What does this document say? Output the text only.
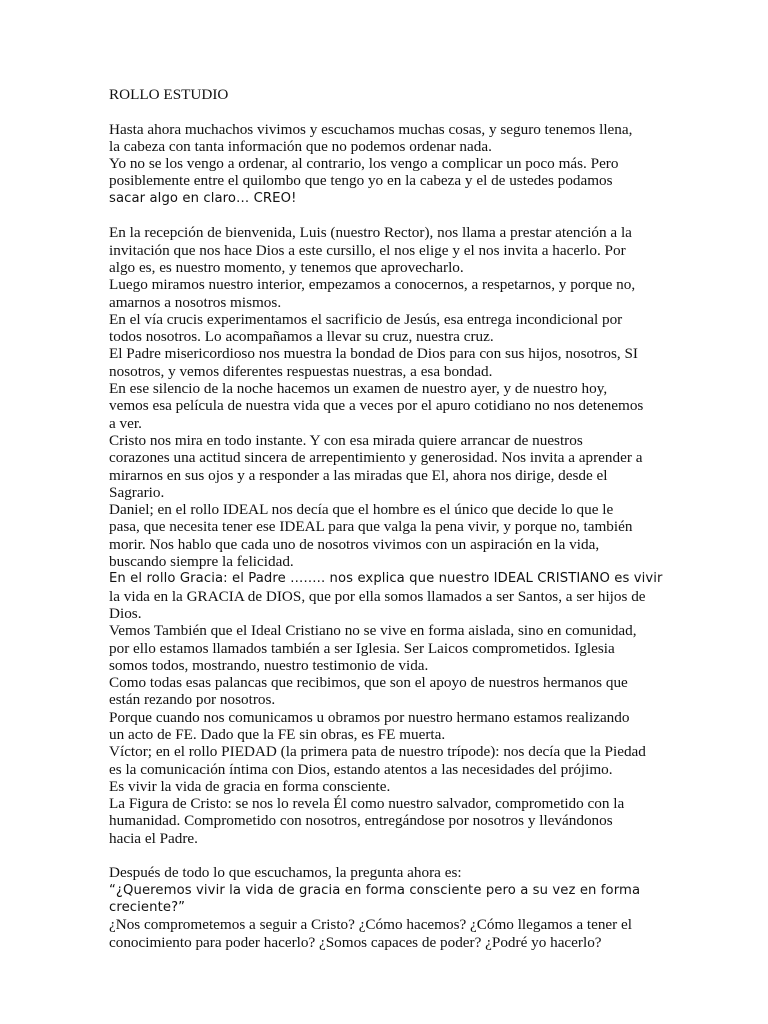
ROLLO ESTUDIO
Hasta ahora muchachos vivimos y escuchamos muchas cosas, y seguro tenemos llena,
la cabeza con tanta información que no podemos ordenar nada.
Yo no se los vengo a ordenar, al contrario, los vengo a complicar un poco más. Pero
posiblemente entre el quilombo que tengo yo en la cabeza y el de ustedes podamos
sacar algo en claro… CREO!
En la recepción de bienvenida, Luis (nuestro Rector), nos llama a prestar atención a la
invitación que nos hace Dios a este cursillo, el nos elige y el nos invita a hacerlo. Por
algo es, es nuestro momento, y tenemos que aprovecharlo.
Luego miramos nuestro interior, empezamos a conocernos, a respetarnos, y porque no,
amarnos a nosotros mismos.
En el vía crucis experimentamos el sacrificio de Jesús, esa entrega incondicional por
todos nosotros. Lo acompañamos a llevar su cruz, nuestra cruz.
El Padre misericordioso nos muestra la bondad de Dios para con sus hijos, nosotros, SI
nosotros, y vemos diferentes respuestas nuestras, a esa bondad.
En ese silencio de la noche hacemos un examen de nuestro ayer, y de nuestro hoy,
vemos esa película de nuestra vida que a veces por el apuro cotidiano no nos detenemos
a ver.
Cristo nos mira en todo instante. Y con esa mirada quiere arrancar de nuestros
corazones una actitud sincera de arrepentimiento y generosidad. Nos invita a aprender a
mirarnos en sus ojos y a responder a las miradas que El, ahora nos dirige, desde el
Sagrario.
Daniel; en el rollo IDEAL nos decía que el hombre es el único que decide lo que le
pasa, que necesita tener ese IDEAL para que valga la pena vivir, y porque no, también
morir. Nos hablo que cada uno de nosotros vivimos con un aspiración en la vida,
buscando siempre la felicidad.
En el rollo Gracia: el Padre …….. nos explica que nuestro IDEAL CRISTIANO es vivir
la vida en la GRACIA de DIOS, que por ella somos llamados a ser Santos, a ser hijos de
Dios.
Vemos También que el Ideal Cristiano no se vive en forma aislada, sino en comunidad,
por ello estamos llamados también a ser Iglesia. Ser Laicos comprometidos. Iglesia
somos todos, mostrando, nuestro testimonio de vida.
Como todas esas palancas que recibimos, que son el apoyo de nuestros hermanos que
están rezando por nosotros.
Porque cuando nos comunicamos u obramos por nuestro hermano estamos realizando
un acto de FE. Dado que la FE sin obras, es FE muerta.
Víctor; en el rollo PIEDAD (la primera pata de nuestro trípode): nos decía que la Piedad
es la comunicación íntima con Dios, estando atentos a las necesidades del prójimo.
Es vivir la vida de gracia en forma consciente.
La Figura de Cristo: se nos lo revela Él como nuestro salvador, comprometido con la
humanidad. Comprometido con nosotros, entregándose por nosotros y llevándonos
hacia el Padre.
Después de todo lo que escuchamos, la pregunta ahora es:
“¿Queremos vivir la vida de gracia en forma consciente pero a su vez en forma
creciente?”
¿Nos comprometemos a seguir a Cristo? ¿Cómo hacemos? ¿Cómo llegamos a tener el
conocimiento para poder hacerlo? ¿Somos capaces de poder? ¿Podré yo hacerlo?
